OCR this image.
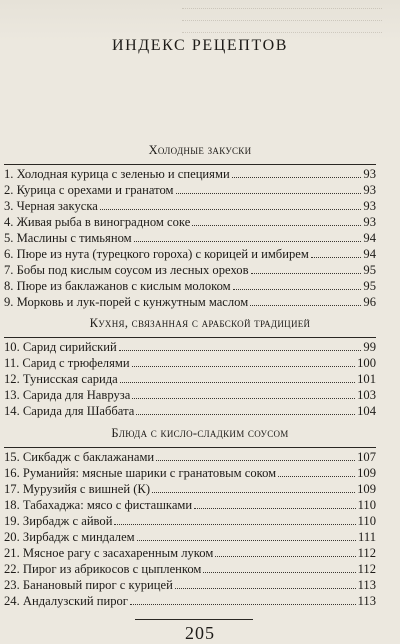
ИНДЕКС РЕЦЕПТОВ
Холодные закуски
1. Холодная курица с зеленью и специями	93
2. Курица с орехами и гранатом	93
3. Черная закуска	93
4. Живая рыба в виноградном соке	93
5. Маслины с тимьяном	94
6. Пюре из нута (турецкого гороха) с корицей и имбирем	94
7. Бобы под кислым соусом из лесных орехов	95
8. Пюре из баклажанов с кислым молоком	95
9. Морковь и лук-порей с кунжутным маслом	96
Кухня, связанная с арабской традицией
10. Сарид сирийский	99
11. Сарид с трюфелями	100
12. Тунисская сарида	101
13. Сарида для Навруза	103
14. Сарида для Шаббата	104
Блюда с кисло-сладким соусом
15. Сикбадж с баклажанами	107
16. Руманийя: мясные шарики с гранатовым соком	109
17. Мурузийя с вишней (К)	109
18. Табахаджа: мясо с фисташками	110
19. Зирбадж с айвой	110
20. Зирбадж с миндалем	111
21. Мясное рагу с засахаренным луком	112
22. Пирог из абрикосов с цыпленком	112
23. Банановый пирог с курицей	113
24. Андалузский пирог	113
205
